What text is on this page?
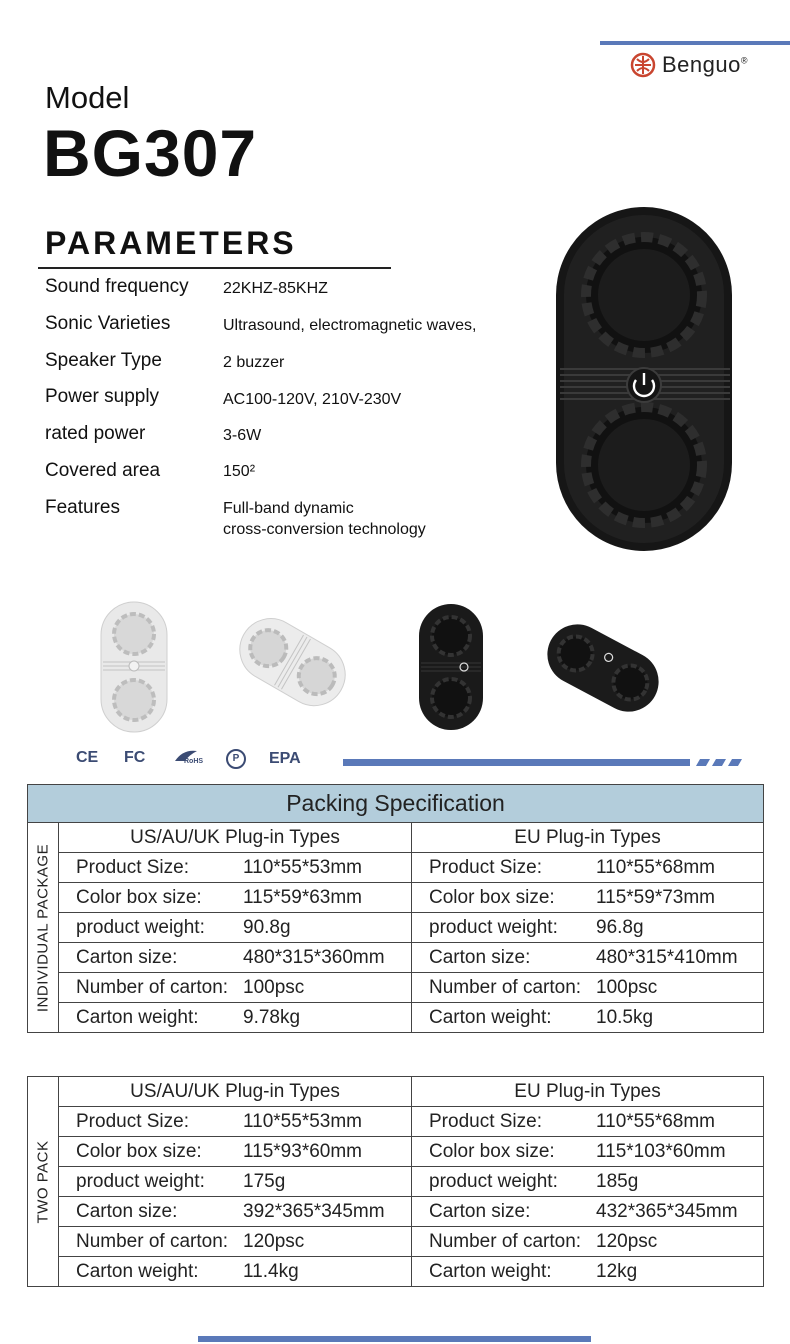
Benguo®
Model
BG307
PARAMETERS
Sound frequency 22KHZ-85KHZ
Sonic Varieties	Ultrasound, electromagnetic waves,
Speaker Type	2 buzzer
Power supply	AC100-120V, 210V-230V
rated power	3-6W
Covered area	150²
Features	Full-band dynamic
cross-conversion technology
CE FC	RoHS	P	EPA
Packing Specification		

INDIVIDUAL PACKAGE	US/AU/UK Plug-in Types	EU Plug-in Types

	Product Size: 110*55*53mm	Product Size: 110*55*68mm

	Color box size: 115*59*63mm	Color box size: 115*59*73mm

	product weight: 90.8g	product weight: 96.8g

	Carton size: 480*315*360mm	Carton size: 480*315*410mm

	Number of carton: 100psc	Number of carton: 100psc

	Carton weight: 9.78kg	Carton weight: 10.5kg
TWO PACK	US/AU/UK Plug-in Types	EU Plug-in Types

	Product Size: 110*55*53mm	Product Size: 110*55*68mm

	Color box size: 115*93*60mm	Color box size: 115*103*60mm

	product weight: 175g	product weight: 185g

	Carton size: 392*365*345mm	Carton size: 432*365*345mm

	Number of carton: 120psc	Number of carton: 120psc

	Carton weight: 11.4kg	Carton weight: 12kg
